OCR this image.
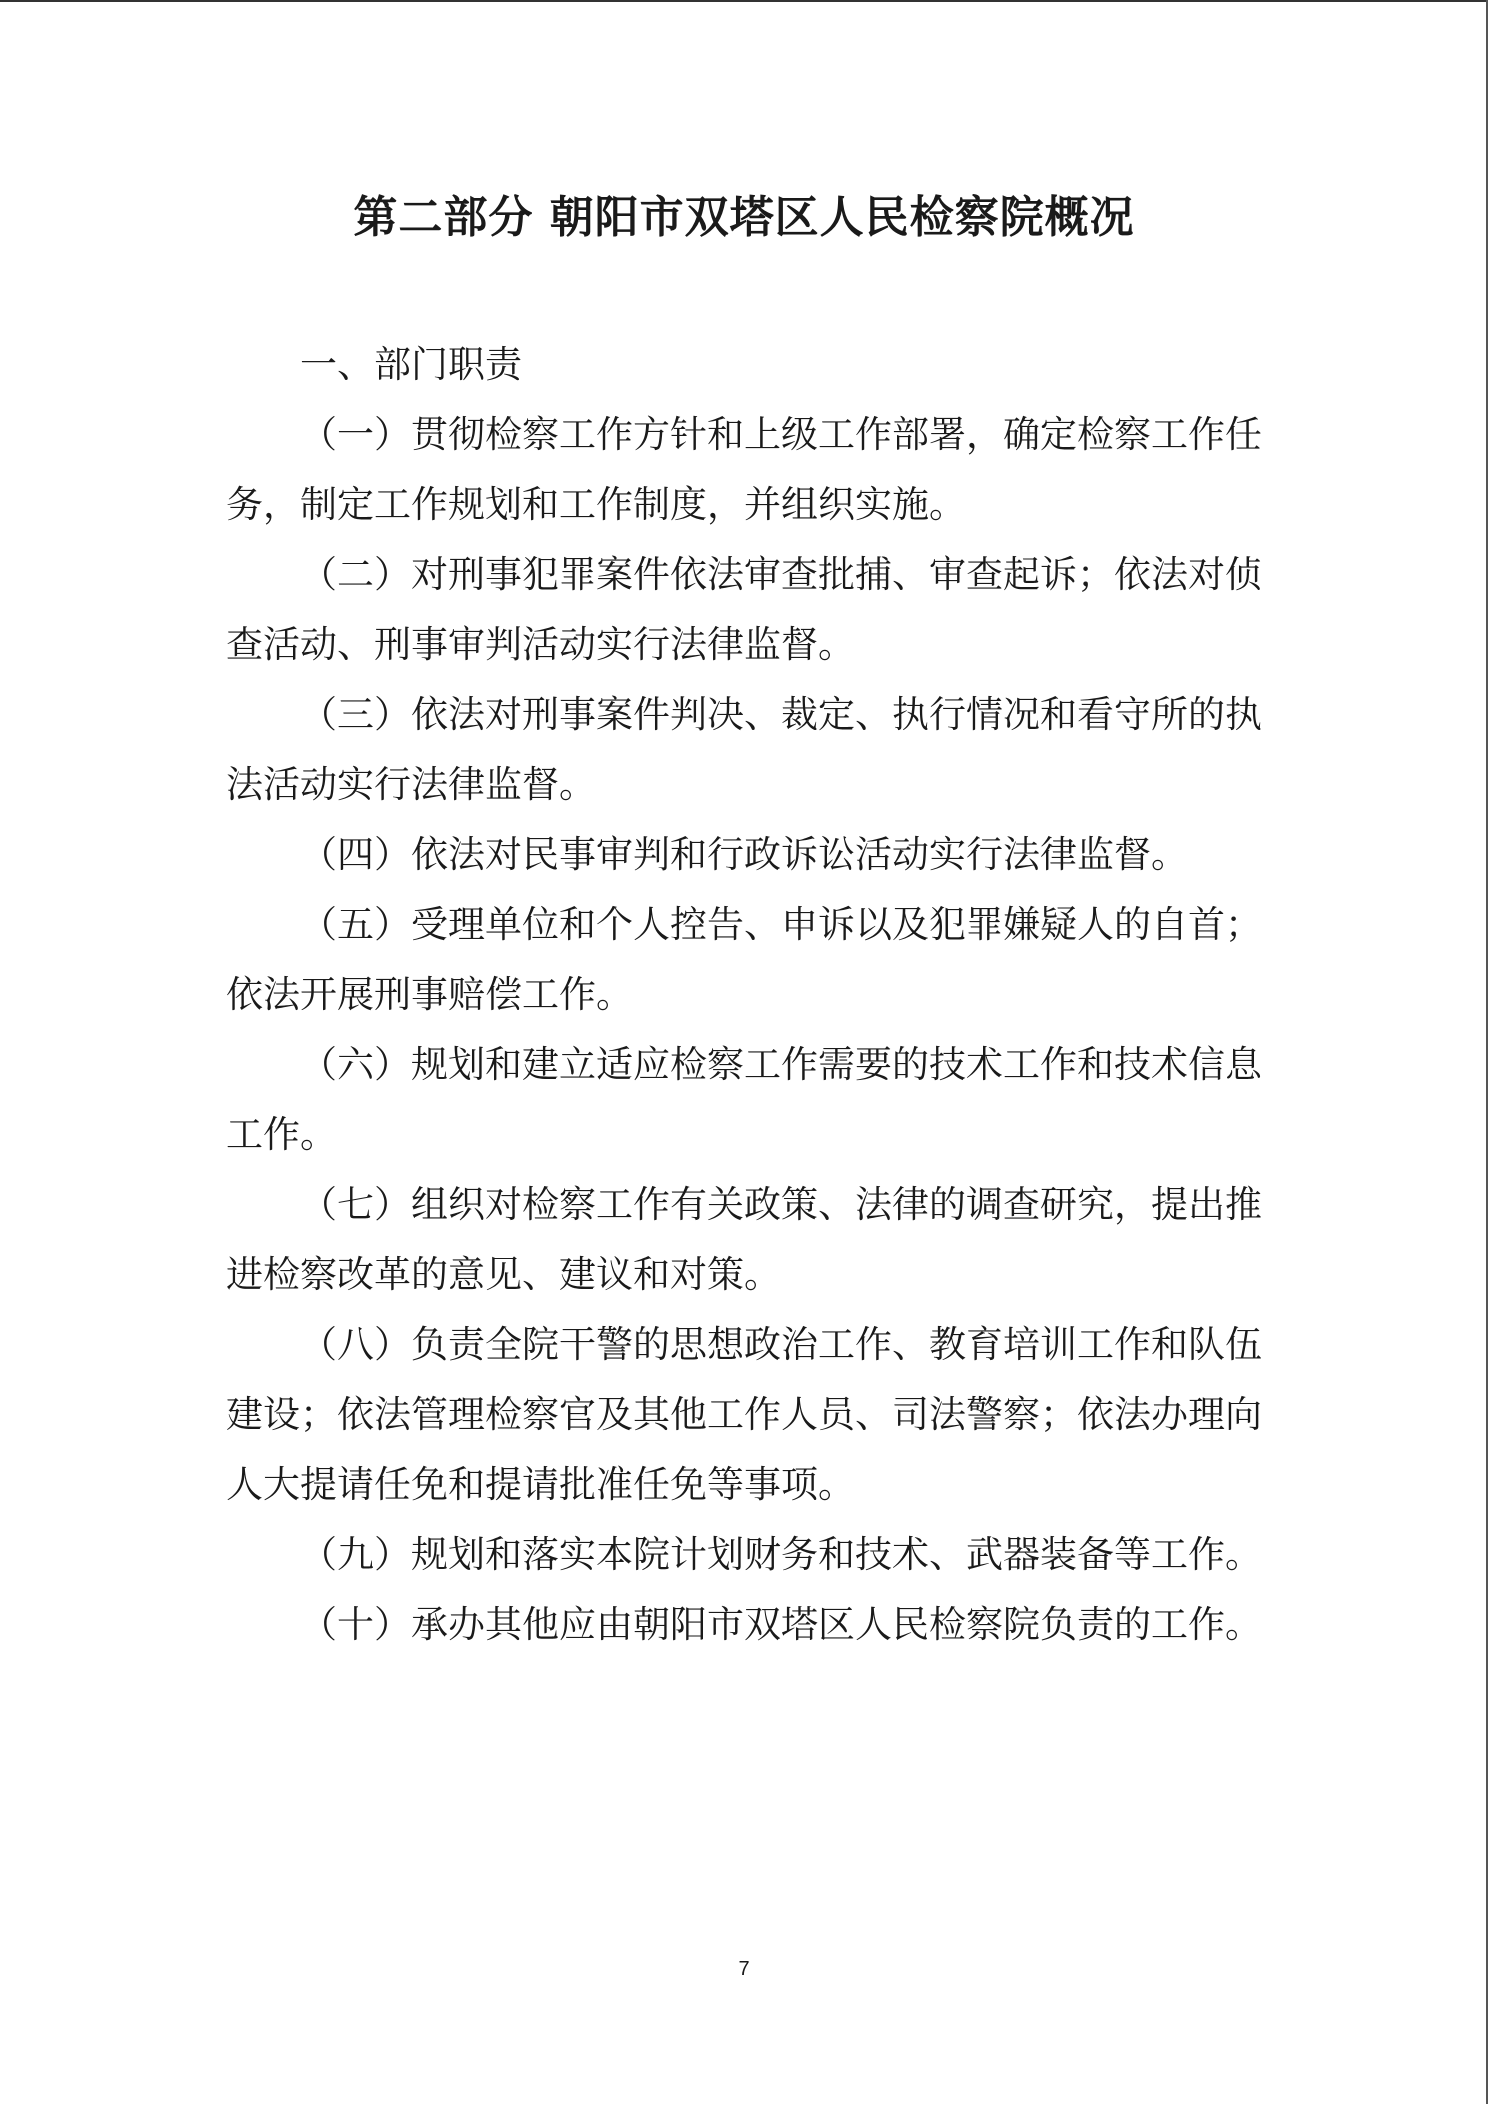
第二部分 朝阳市双塔区人民检察院概况

一、部门职责

（一）贯彻检察工作方针和上级工作部署，确定检察工作任务，制定工作规划和工作制度，并组织实施。

（二）对刑事犯罪案件依法审查批捕、审查起诉；依法对侦查活动、刑事审判活动实行法律监督。

（三）依法对刑事案件判决、裁定、执行情况和看守所的执法活动实行法律监督。

（四）依法对民事审判和行政诉讼活动实行法律监督。

（五）受理单位和个人控告、申诉以及犯罪嫌疑人的自首；依法开展刑事赔偿工作。

（六）规划和建立适应检察工作需要的技术工作和技术信息工作。

（七）组织对检察工作有关政策、法律的调查研究，提出推进检察改革的意见、建议和对策。

（八）负责全院干警的思想政治工作、教育培训工作和队伍建设；依法管理检察官及其他工作人员、司法警察；依法办理向人大提请任免和提请批准任免等事项。

（九）规划和落实本院计划财务和技术、武器装备等工作。

（十）承办其他应由朝阳市双塔区人民检察院负责的工作。

7
